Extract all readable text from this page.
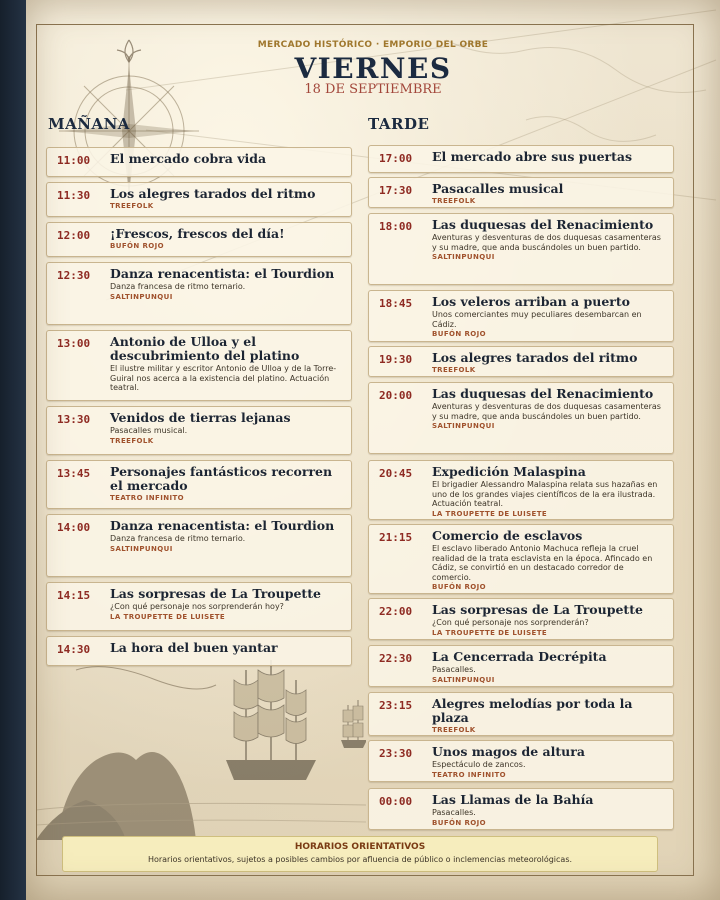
MERCADO HISTÓRICO · EMPORIO DEL ORBE
VIERNES
18 DE SEPTIEMBRE
MAÑANA	TARDE
11:00 El mercado cobra vida
11:30 Los alegres tarados del ritmo
TREEFOLK
12:00 ¡Frescos, frescos del día!
BUFÓN ROJO
12:30 Danza renacentista: el Tourdion
Danza francesa de ritmo ternario.
SALTINPUNQUI
13:00 Antonio de Ulloa y el descubrimiento del platino
El ilustre militar y escritor Antonio de Ulloa y de la Torre-Guiral nos acerca a la existencia del platino. Actuación teatral.
13:30 Venidos de tierras lejanas
Pasacalles musical.
TREEFOLK
13:45 Personajes fantásticos recorren el mercado
TEATRO INFINITO
14:00 Danza renacentista: el Tourdion
Danza francesa de ritmo ternario.
SALTINPUNQUI
14:15 Las sorpresas de La Troupette
¿Con qué personaje nos sorprenderán hoy?
LA TROUPETTE DE LUISETE
14:30 La hora del buen yantar
17:00 El mercado abre sus puertas
17:30 Pasacalles musical
TREEFOLK
18:00 Las duquesas del Renacimiento
Aventuras y desventuras de dos duquesas casamenteras y su madre, que anda buscándoles un buen partido.
SALTINPUNQUI
18:45 Los veleros arriban a puerto
Unos comerciantes muy peculiares desembarcan en Cádiz.
BUFÓN ROJO
19:30 Los alegres tarados del ritmo
TREEFOLK
20:00 Las duquesas del Renacimiento
Aventuras y desventuras de dos duquesas casamenteras y su madre, que anda buscándoles un buen partido.
SALTINPUNQUI
20:45 Expedición Malaspina
El brigadier Alessandro Malaspina relata sus hazañas en uno de los grandes viajes científicos de la era ilustrada. Actuación teatral.
LA TROUPETTE DE LUISETE
21:15 Comercio de esclavos
El esclavo liberado Antonio Machuca refleja la cruel realidad de la trata esclavista en la época. Afincado en Cádiz, se convirtió en un destacado corredor de comercio.
BUFÓN ROJO
22:00 Las sorpresas de La Troupette
¿Con qué personaje nos sorprenderán?
LA TROUPETTE DE LUISETE
22:30 La Cencerrada Decrépita
Pasacalles.
SALTINPUNQUI
23:15 Alegres melodías por toda la plaza
TREEFOLK
23:30 Unos magos de altura
Espectáculo de zancos.
TEATRO INFINITO
00:00 Las Llamas de la Bahía
Pasacalles.
BUFÓN ROJO
HORARIOS ORIENTATIVOS
Horarios orientativos, sujetos a posibles cambios por afluencia de público o inclemencias meteorológicas.
